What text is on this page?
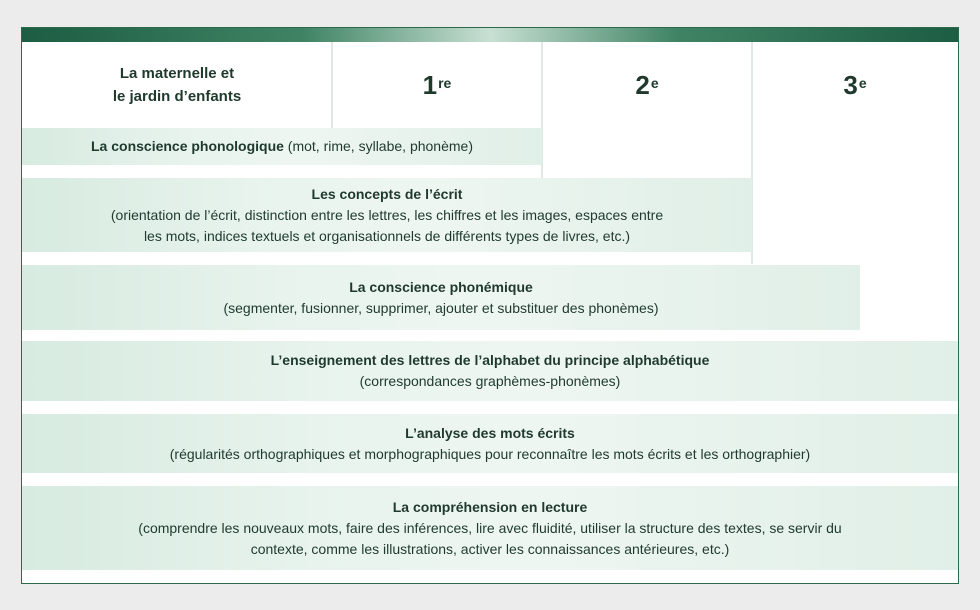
La maternelle et
le jardin d’enfants	1re	2e	3e
La conscience phonologique (mot, rime, syllabe, phonème)
Les concepts de l’écrit
(orientation de l’écrit, distinction entre les lettres, les chiffres et les images, espaces entre
les mots, indices textuels et organisationnels de différents types de livres, etc.)
La conscience phonémique
(segmenter, fusionner, supprimer, ajouter et substituer des phonèmes)
L’enseignement des lettres de l’alphabet du principe alphabétique
(correspondances graphèmes-phonèmes)
L’analyse des mots écrits
(régularités orthographiques et morphographiques pour reconnaître les mots écrits et les orthographier)
La compréhension en lecture
(comprendre les nouveaux mots, faire des inférences, lire avec fluidité, utiliser la structure des textes, se servir du
contexte, comme les illustrations, activer les connaissances antérieures, etc.)
